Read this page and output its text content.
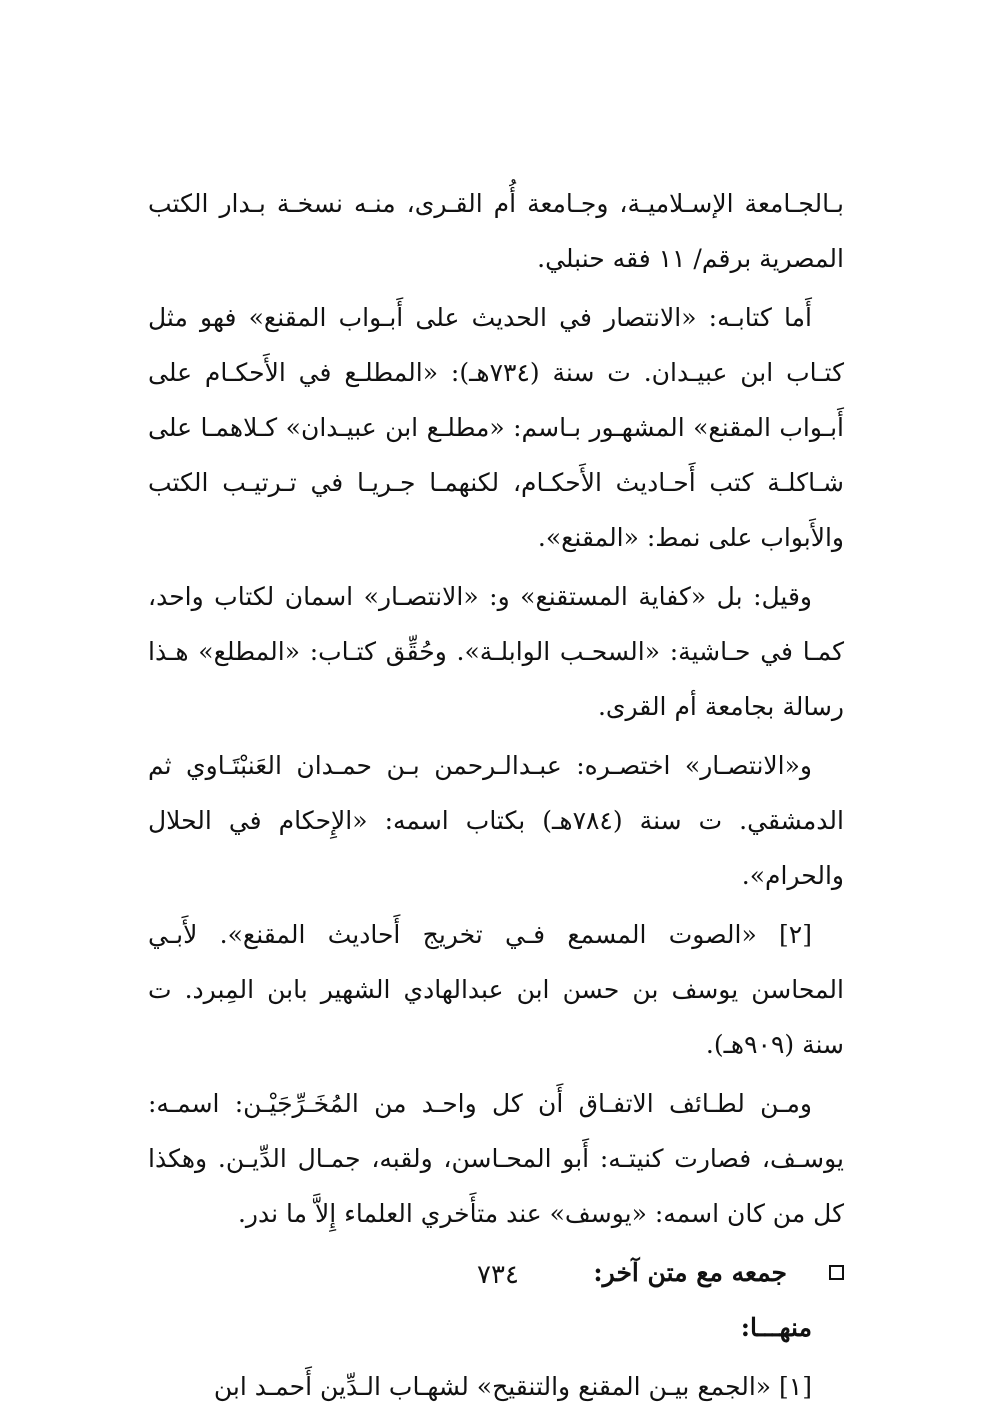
بـالجـامعة الإسـلاميـة، وجـامعة أُم القـرى، منـه نسخـة بـدار الكتب المصرية برقم/ ١١ فقه حنبلي.

أَما كتابـه: «الانتصار في الحديث على أَبـواب المقنع» فهو مثل كتـاب ابن عبيـدان. ت سنة (٧٣٤هـ): «المطلـع في الأَحكـام على أَبـواب المقنع» المشهـور بـاسم: «مطلـع ابن عبيـدان» كـلاهمـا على شـاكلـة كتب أَحـاديث الأَحكـام، لكنهمـا جـريـا في تـرتيـب الكتب والأَبواب على نمط: «المقنع».

وقيل: بل «كفاية المستقنع» و: «الانتصـار» اسمان لكتاب واحد، كمـا في حـاشية: «السحـب الوابلـة». وحُقِّق كتـاب: «المطلع» هـذا رسالة بجامعة أم القرى.

و«الانتصـار» اختصـره: عبـدالـرحمن بـن حمـدان العَنبْتَـاوي ثم الدمشقي. ت سنة (٧٨٤هـ) بكتاب اسمه: «الإِحكام في الحلال والحرام».

[٢] «الصوت المسمع فـي تخريج أَحاديث المقنع». لأَبـي المحاسن يوسف بن حسن ابن عبدالهادي الشهير بابن المِبرد. ت سنة (٩٠٩هـ).

ومـن لطـائف الاتفـاق أَن كل واحـد من المُخَـرِّجَيْـن: اسمـه: يوسـف، فصارت كنيتـه: أَبو المحـاسن، ولقبه، جمـال الدِّيـن. وهكذا كل من كان اسمه: «يوسف» عند متأَخري العلماء إِلاَّ ما ندر.

جمعه مع متن آخر:

منهـــا:

[١] «الجمع بيـن المقنع والتنقيح» لشهـاب الـدِّين أَحمـد ابن

٧٣٤
